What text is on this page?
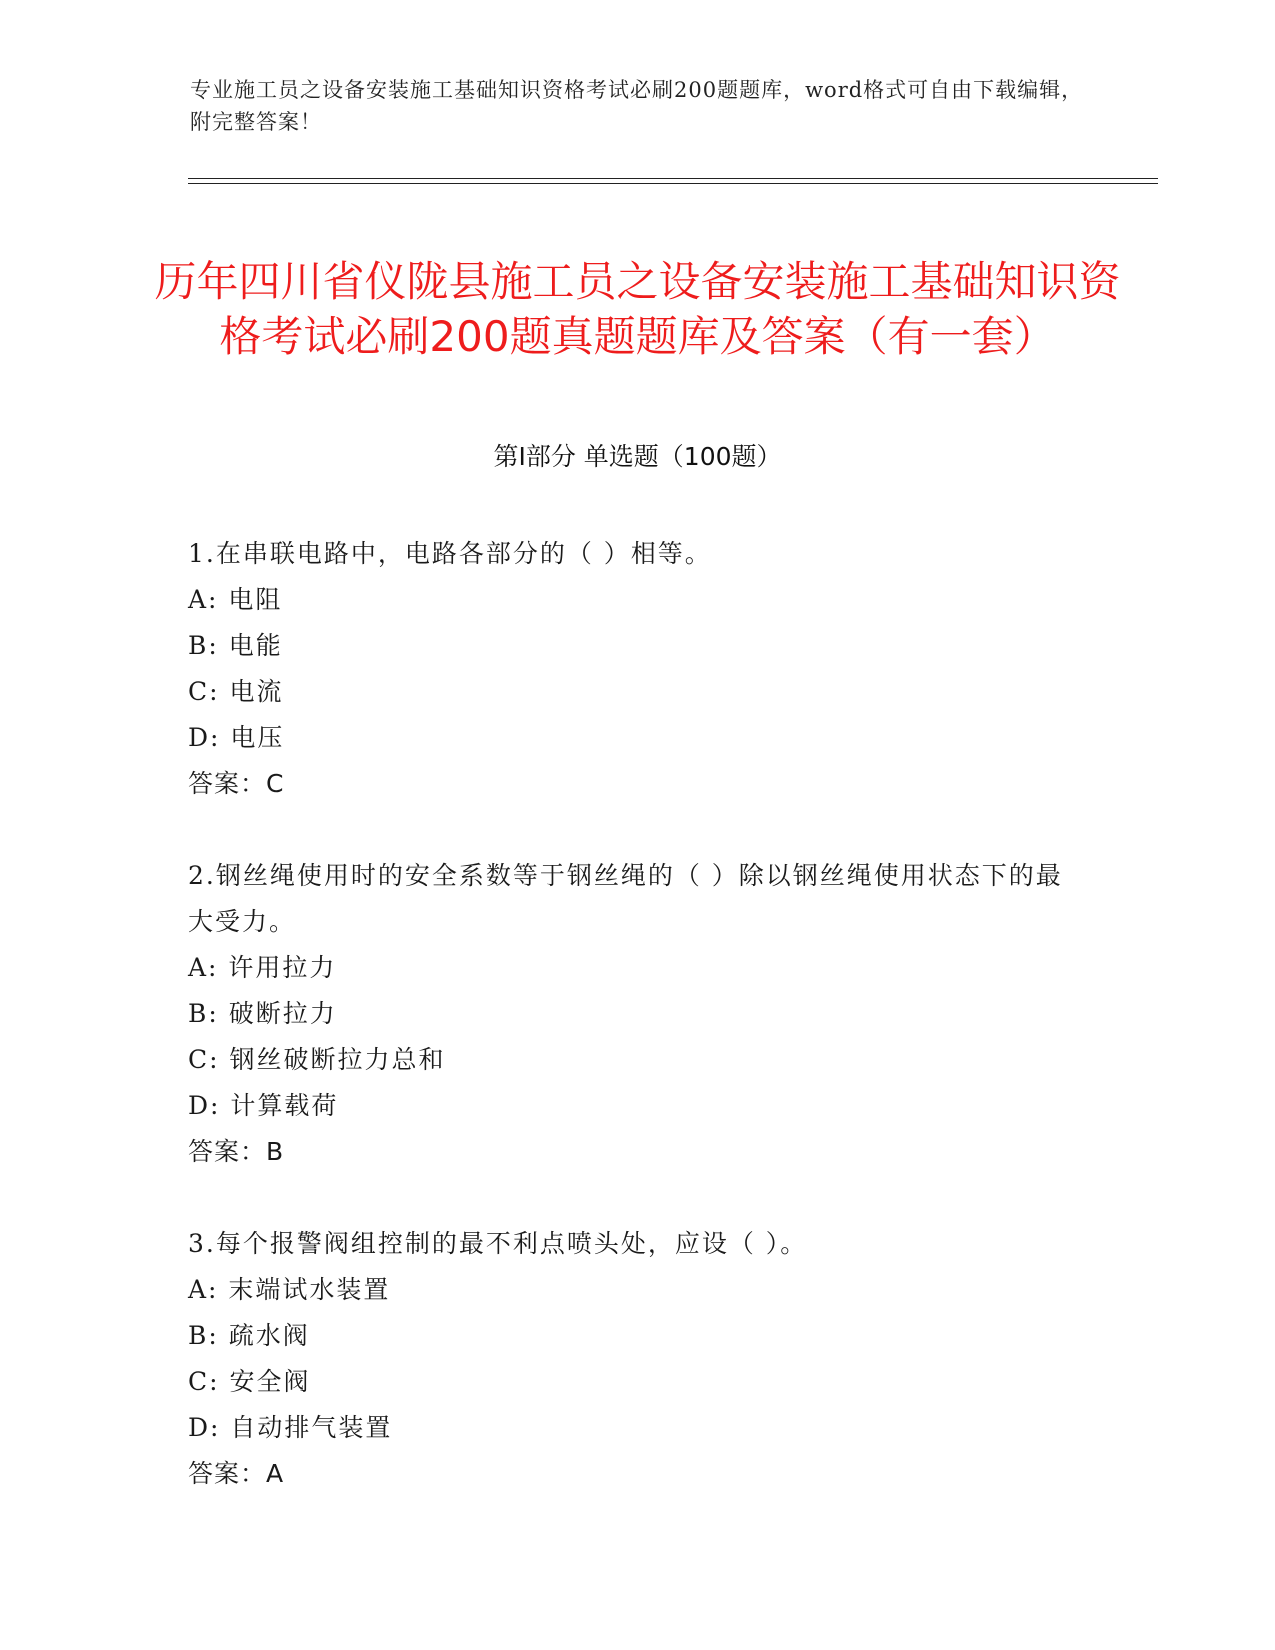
专业施工员之设备安装施工基础知识资格考试必刷200题题库，word格式可自由下载编辑，附完整答案！
历年四川省仪陇县施工员之设备安装施工基础知识资格考试必刷200题真题题库及答案（有一套）
第Ⅰ部分 单选题（100题）

1.在串联电路中，电路各部分的（ ）相等。

A: 电阻

B: 电能

C: 电流

D: 电压

答案：C

2.钢丝绳使用时的安全系数等于钢丝绳的（ ）除以钢丝绳使用状态下的最大受力。

A: 许用拉力

B: 破断拉力

C: 钢丝破断拉力总和

D: 计算载荷

答案：B

3.每个报警阀组控制的最不利点喷头处，应设（ ）。

A: 末端试水装置

B: 疏水阀

C: 安全阀

D: 自动排气装置

答案：A
